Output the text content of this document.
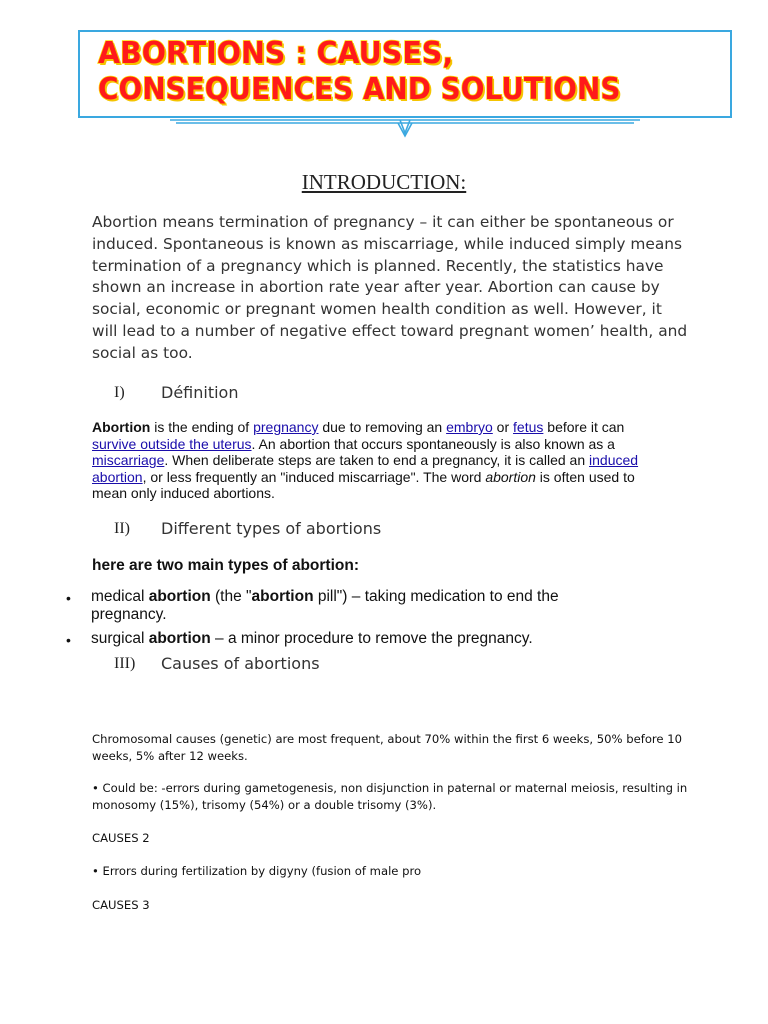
ABORTIONS : CAUSES,
CONSEQUENCES AND SOLUTIONS
INTRODUCTION:

Abortion means termination of pregnancy – it can either be spontaneous or induced. Spontaneous is known as miscarriage, while induced simply means termination of a pregnancy which is planned. Recently, the statistics have shown an increase in abortion rate year after year. Abortion can cause by social, economic or pregnant women health condition as well. However, it will lead to a number of negative effect toward pregnant women’ health, and social as too.

I) Définition

Abortion is the ending of pregnancy due to removing an embryo or fetus before it can survive outside the uterus. An abortion that occurs spontaneously is also known as a miscarriage. When deliberate steps are taken to end a pregnancy, it is called an induced abortion, or less frequently an "induced miscarriage". The word abortion is often used to mean only induced abortions.

II) Different types of abortions

here are two main types of abortion:

• medical abortion (the "abortion pill") – taking medication to end the pregnancy.
• surgical abortion – a minor procedure to remove the pregnancy.
III) Causes of abortions

Chromosomal causes (genetic) are most frequent, about 70% within the first 6 weeks, 50% before 10 weeks, 5% after 12 weeks.

• Could be: -errors during gametogenesis, non disjunction in paternal or maternal meiosis, resulting in monosomy (15%), trisomy (54%) or a double trisomy (3%).

CAUSES 2

• Errors during fertilization by digyny (fusion of male pro

CAUSES 3
